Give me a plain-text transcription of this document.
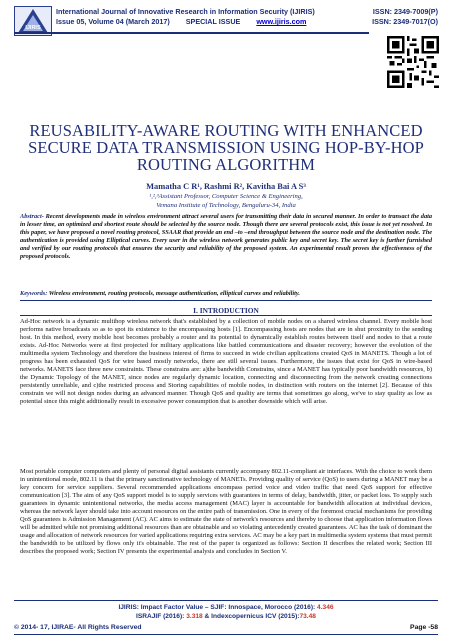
IJIRIS
International Journal of Innovative Research in Information Security (IJIRIS)
Issue 05, Volume 04 (March 2017) SPECIAL ISSUE www.ijiris.com
ISSN: 2349-7009(P)
ISSN: 2349-7017(O)
REUSABILITY-AWARE ROUTING WITH ENHANCED SECURE DATA TRANSMISSION USING HOP-BY-HOP ROUTING ALGORITHM
Mamatha C R¹, Rashmi R², Kavitha Bai A S³
¹,²,³Assistant Professor, Computer Science & Engineering,
Vemana Institute of Technology, Bengaluru-34, India
Abstract- Recent developments made in wireless environment attract several users for transmitting their data in secured manner. In order to transact the data in lesser time, an optimized and shortest route should be selected by the source node. Though there are several protocols exist, this issue is not yet resolved. In this paper, we have proposed a novel routing protocol, SSAAR that provide an end –to –end throughput between the source node and the destination node. The authentication is provided using Elliptical curves. Every user in the wireless network generates public key and secret key. The secret key is further furnished and verified by our routing protocols that ensures the security and reliability of the proposed system. An experimental result proves the effectiveness of the proposed protocols.
Keywords: Wireless environment, routing protocols, message authentication, elliptical curves and reliability.
I. INTRODUCTION
Ad-Hoc network is a dynamic multihop wireless network that's established by a collection of mobile nodes on a shared wireless channel. Every mobile host performs native broadcasts so as to spot its existence to the encompassing hosts [1]. Encompassing hosts are nodes that are in shut proximity to the sending host. In this method, every mobile host becomes probably a router and its potential to dynamically establish routes between itself and nodes to that a route exists. Ad-Hoc Networks were at first projected for military applications like battled communications and disaster recovery; however the evolution of the multimedia system Technology and therefore the business interest of firms to succeed in wide civilian applications created QoS in MANETS. Though a lot of progress has been exhausted QoS for wire based mostly networks, there are still several issues. Furthermore, the issues that exist for QoS in wire-based networks. MANETS face three new constraints. These constrains are: a)the bandwidth Constrains, since a MANET has typically poor bandwidth resources, b) the Dynamic Topology of the MANET, since nodes are regularly dynamic location, connecting and disconnecting from the network creating connections persistently unreliable, and c)the restricted process and Storing capabilities of mobile nodes, in distinction with routers on the internet [2]. Because of this constrain we will not design nodes during an advanced manner. Though QoS and quality are terms that sometimes go along, we've to stay quality as low as potential since this might additionally result in excessive power consumption that is another downside which will arise.
Most portable computer computers and plenty of personal digital assistants currently accompany 802.11-compliant air interfaces. With the choice to work them in unintentional mode, 802.11 is that the primary sanctionative technology of MANETs. Providing quality of service (QoS) to users during a MANET may be a key concern for service suppliers. Several recommended applications encompass period voice and video traffic that need QoS support for effective communication [3]. The aim of any QoS support model is to supply services with guarantees in terms of delay, bandwidth, jitter, or packet loss. To supply such guarantees in dynamic unintentional networks, the media access management (MAC) layer is accountable for bandwidth allocation at individual devices, whereas the network layer should take into account resources on the entire path of transmission. One in every of the foremost crucial mechanisms for providing QoS guarantees is Admission Management (AC). AC aims to estimate the state of network's resources and thereby to choose that application information flows will be admitted while not promising additional resources than are obtainable and so violating antecedently created guarantees. AC has the task of dominant the usage and allocation of network resources for varied applications requiring extra services. AC may be a key part in multimedia system systems that must permit the bandwidth to be utilized by flows only it's obtainable. The rest of the paper is organized as follows: Section II describes the related work; Section III describes the proposed work; Section IV presents the experimental analysis and concludes in Section V.
IJIRIS: Impact Factor Value – SJIF: Innospace, Morocco (2016): 4.346
ISRAJIF (2016): 3.318 & Indexcopernicus ICV (2015):73.48
© 2014- 17, IJIRAE- All Rights Reserved	Page -58
